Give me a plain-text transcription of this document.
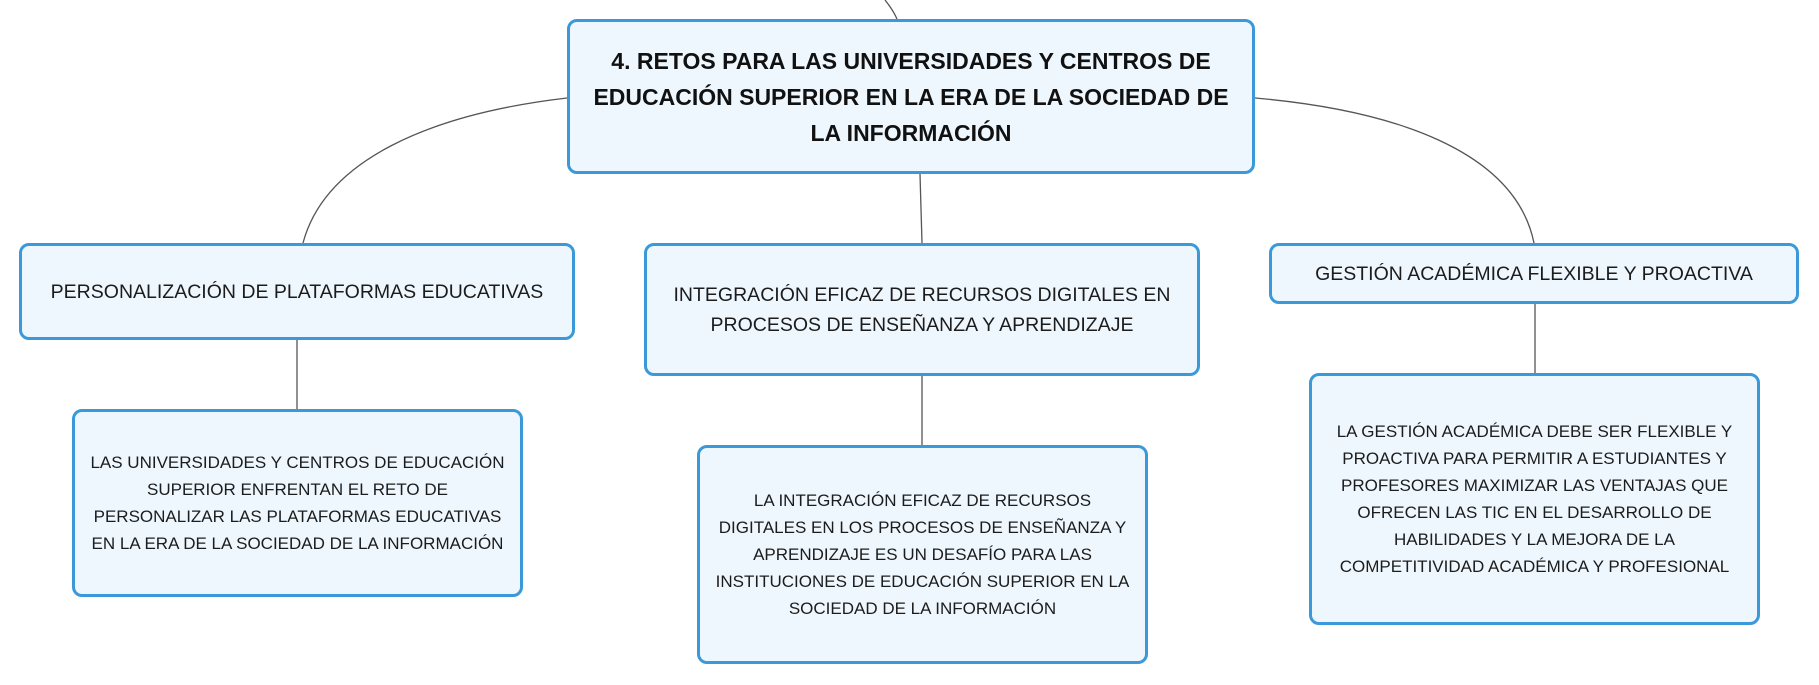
4. RETOS PARA LAS UNIVERSIDADES Y CENTROS DE EDUCACIÓN SUPERIOR EN LA ERA DE LA SOCIEDAD DE LA INFORMACIÓN
PERSONALIZACIÓN DE PLATAFORMAS EDUCATIVAS
LAS UNIVERSIDADES Y CENTROS DE EDUCACIÓN SUPERIOR ENFRENTAN EL RETO DE PERSONALIZAR LAS PLATAFORMAS EDUCATIVAS EN LA ERA DE LA SOCIEDAD DE LA INFORMACIÓN
INTEGRACIÓN EFICAZ DE RECURSOS DIGITALES EN PROCESOS DE ENSEÑANZA Y APRENDIZAJE
LA INTEGRACIÓN EFICAZ DE RECURSOS DIGITALES EN LOS PROCESOS DE ENSEÑANZA Y APRENDIZAJE ES UN DESAFÍO PARA LAS INSTITUCIONES DE EDUCACIÓN SUPERIOR EN LA SOCIEDAD DE LA INFORMACIÓN
GESTIÓN ACADÉMICA FLEXIBLE Y PROACTIVA
LA GESTIÓN ACADÉMICA DEBE SER FLEXIBLE Y PROACTIVA PARA PERMITIR A ESTUDIANTES Y PROFESORES MAXIMIZAR LAS VENTAJAS QUE OFRECEN LAS TIC EN EL DESARROLLO DE HABILIDADES Y LA MEJORA DE LA COMPETITIVIDAD ACADÉMICA Y PROFESIONAL
